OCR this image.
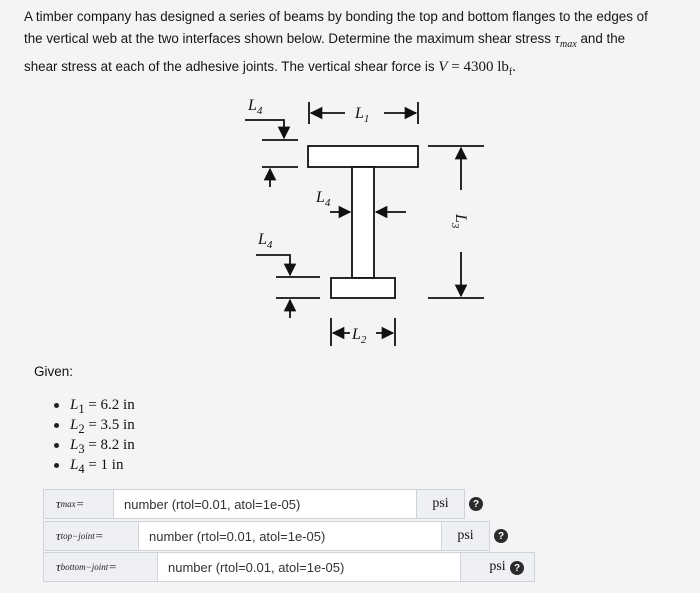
A timber company has designed a series of beams by bonding the top and bottom flanges to the edges of
the vertical web at the two interfaces shown below. Determine the maximum shear stress $\tau_{max}$ and the
shear stress at each of the adhesive joints. The vertical shear force is V = 4300 $lb_f$.
$L_4$	$L_1$
$L_4$
$L_4$
$L_2$
$L_3$
Given:
$L_1 = 6.2$ in
$L_2 = 3.5$ in
$L_3 = 8.2$ in
$L_4 = 1$ in
τ max =
number (rtol=0.01, atol=1e-05)	psi	?
τ top−joint =
number (rtol=0.01, atol=1e-05)	psi	?
τ bottom−joint =
number (rtol=0.01, atol=1e-05)	psi ?
